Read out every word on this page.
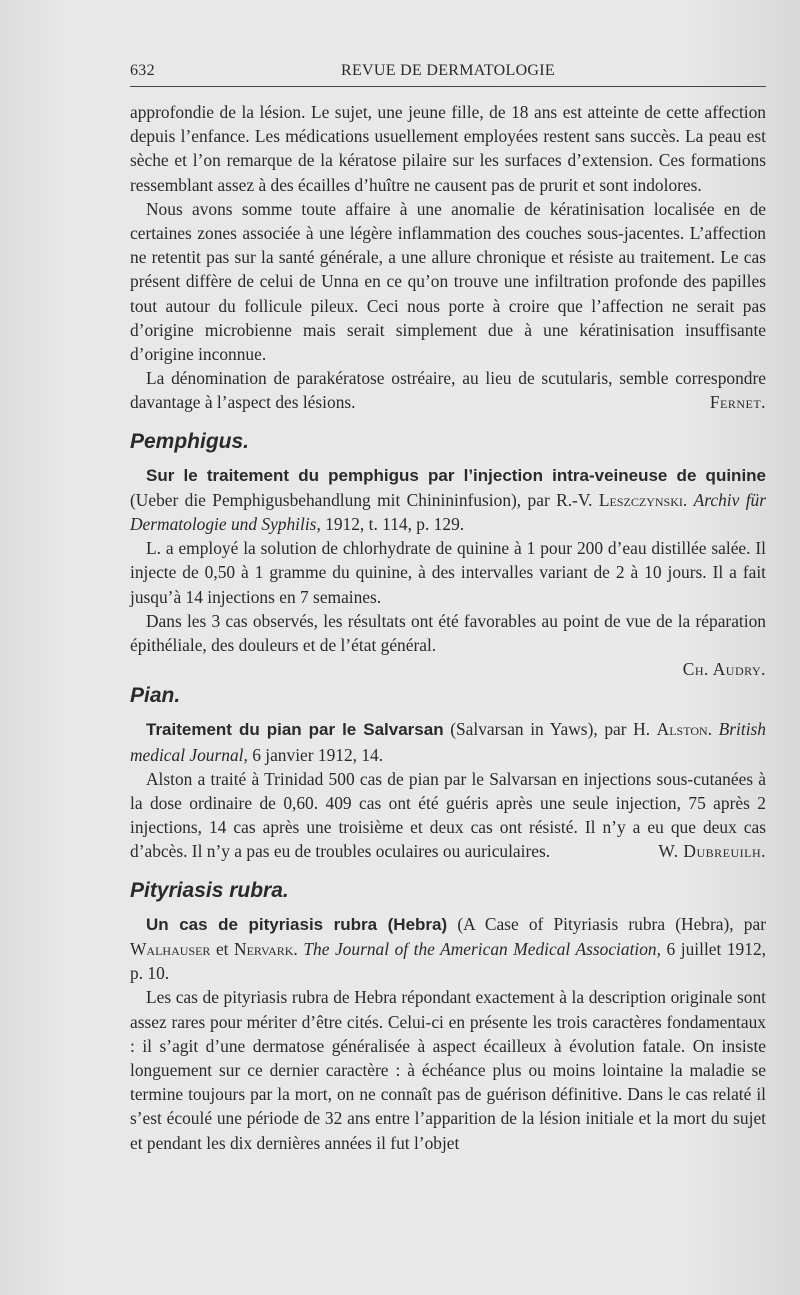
632	REVUE DE DERMATOLOGIE

approfondie de la lésion. Le sujet, une jeune fille, de 18 ans est atteinte de cette affection depuis l’enfance. Les médications usuellement employées restent sans succès. La peau est sèche et l’on remarque de la kératose pilaire sur les surfaces d’extension. Ces formations ressemblant assez à des écailles d’huître ne causent pas de prurit et sont indolores.

Nous avons somme toute affaire à une anomalie de kératinisation localisée en de certaines zones associée à une légère inflammation des couches sous-jacentes. L’affection ne retentit pas sur la santé générale, a une allure chronique et résiste au traitement. Le cas présent diffère de celui de Unna en ce qu’on trouve une infiltration profonde des papilles tout autour du follicule pileux. Ceci nous porte à croire que l’affection ne serait pas d’origine microbienne mais serait simplement due à une kératinisation insuffisante d’origine inconnue.

La dénomination de parakératose ostréaire, au lieu de scutularis, semble correspondre davantage à l’aspect des lésions.	Fernet.

Pemphigus.

Sur le traitement du pemphigus par l’injection intra-veineuse de quinine (Ueber die Pemphigusbehandlung mit Chinininfusion), par R.-V. Leszczynski. Archiv für Dermatologie und Syphilis, 1912, t. 114, p. 129.

L. a employé la solution de chlorhydrate de quinine à 1 pour 200 d’eau distillée salée. Il injecte de 0,50 à 1 gramme du quinine, à des intervalles variant de 2 à 10 jours. Il a fait jusqu’à 14 injections en 7 semaines.

Dans les 3 cas observés, les résultats ont été favorables au point de vue de la réparation épithéliale, des douleurs et de l’état général.

Ch. Audry.
Pian.

Traitement du pian par le Salvarsan (Salvarsan in Yaws), par H. Alston. British medical Journal, 6 janvier 1912, 14.

Alston a traité à Trinidad 500 cas de pian par le Salvarsan en injections sous-cutanées à la dose ordinaire de 0,60. 409 cas ont été guéris après une seule injection, 75 après 2 injections, 14 cas après une troisième et deux cas ont résisté. Il n’y a eu que deux cas d’abcès. Il n’y a pas eu de troubles oculaires ou auriculaires.	W. Dubreuilh.

Pityriasis rubra.

Un cas de pityriasis rubra (Hebra) (A Case of Pityriasis rubra (Hebra), par Walhauser et Nervark. The Journal of the American Medical Association, 6 juillet 1912, p. 10.

Les cas de pityriasis rubra de Hebra répondant exactement à la description originale sont assez rares pour mériter d’être cités. Celui-ci en présente les trois caractères fondamentaux : il s’agit d’une dermatose généralisée à aspect écailleux à évolution fatale. On insiste longuement sur ce dernier caractère : à échéance plus ou moins lointaine la maladie se termine toujours par la mort, on ne connaît pas de guérison définitive. Dans le cas relaté il s’est écoulé une période de 32 ans entre l’apparition de la lésion initiale et la mort du sujet et pendant les dix dernières années il fut l’objet
